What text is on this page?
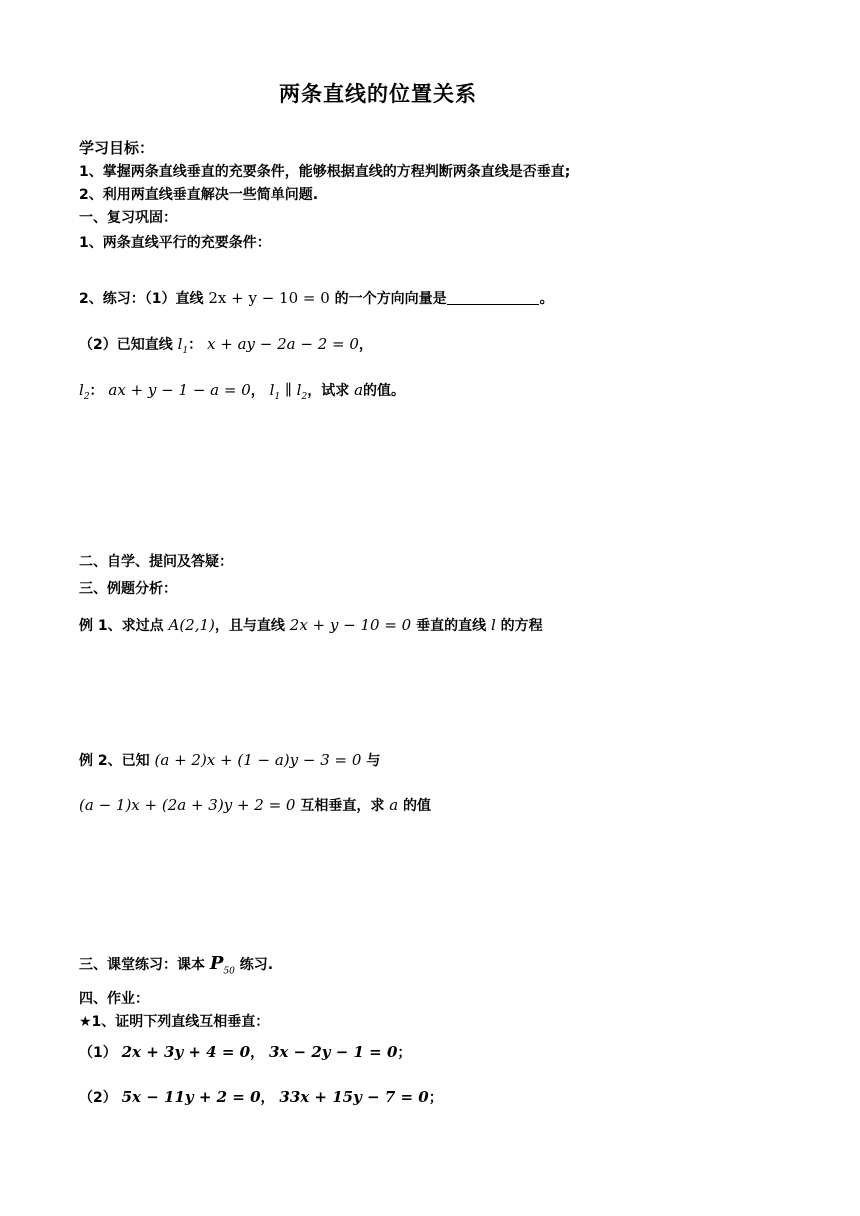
两条直线的位置关系
学习目标：
1、掌握两条直线垂直的充要条件，能够根据直线的方程判断两条直线是否垂直;
2、利用两直线垂直解决一些简单问题.
一、复习巩固：
1、两条直线平行的充要条件：
2、练习：（1）直线 2x + y − 10 = 0 的一个方向向量是	。
（2）已知直线 $l_1$： x + ay − 2a − 2 = 0，
$l_2$： ax + y − 1 − a = 0， $l_1$ ∥ $l_2$，试求 a的值。
二、自学、提问及答疑：
三、例题分析：
例 1、求过点 A(2,1)，且与直线 2x + y − 10 = 0 垂直的直线 l 的方程
例 2、已知 (a + 2)x + (1 − a)y − 3 = 0 与
(a − 1)x + (2a + 3)y + 2 = 0 互相垂直，求 a 的值
三、课堂练习：课本 $P_{50}$ 练习.
四、作业：
★1、证明下列直线互相垂直：
（1） 2x + 3y + 4 = 0， 3x − 2y − 1 = 0；
（2） 5x − 11y + 2 = 0， 33x + 15y − 7 = 0；
